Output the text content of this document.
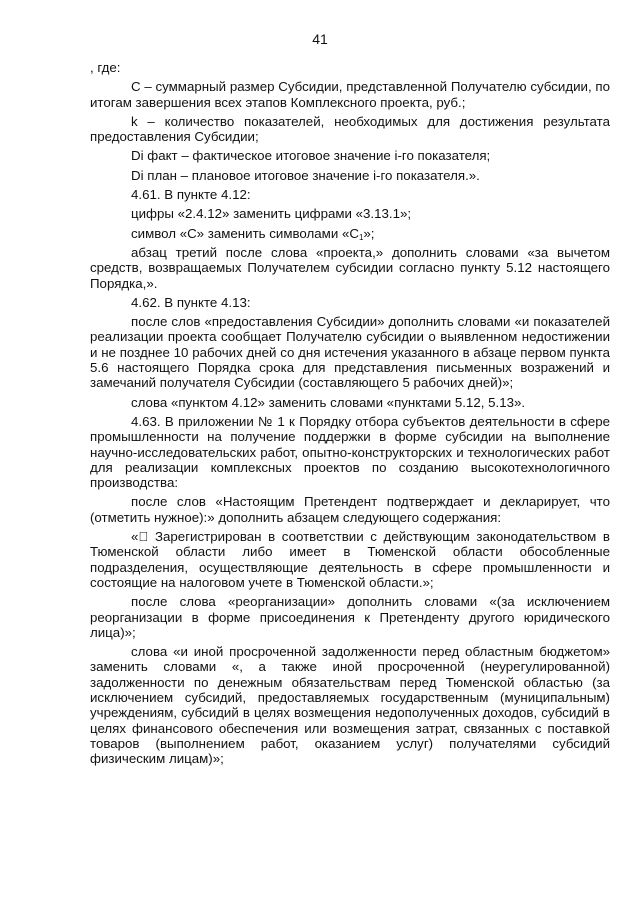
41

, где:

C – суммарный размер Субсидии, представленной Получателю субсидии, по итогам завершения всех этапов Комплексного проекта, руб.;

k – количество показателей, необходимых для достижения результата предоставления Субсидии;

Di факт – фактическое итоговое значение i-го показателя;

Di план – плановое итоговое значение i-го показателя.».

4.61. В пункте 4.12:

цифры «2.4.12» заменить цифрами «3.13.1»;

символ «C» заменить символами «$C_1$»;

абзац третий после слова «проекта,» дополнить словами «за вычетом средств, возвращаемых Получателем субсидии согласно пункту 5.12 настоящего Порядка,».

4.62. В пункте 4.13:

после слов «предоставления Субсидии» дополнить словами «и показателей реализации проекта сообщает Получателю субсидии о выявленном недостижении и не позднее 10 рабочих дней со дня истечения указанного в абзаце первом пункта 5.6 настоящего Порядка срока для представления письменных возражений и замечаний получателя Субсидии (составляющего 5 рабочих дней)»;

слова «пунктом 4.12» заменить словами «пунктами 5.12, 5.13».

4.63. В приложении № 1 к Порядку отбора субъектов деятельности в сфере промышленности на получение поддержки в форме субсидии на выполнение научно-исследовательских работ, опытно-конструкторских и технологических работ для реализации комплексных проектов по созданию высокотехнологичного производства:

после слов «Настоящим Претендент подтверждает и декларирует, что (отметить нужное):» дополнить абзацем следующего содержания:

« Зарегистрирован в соответствии с действующим законодательством в Тюменской области либо имеет в Тюменской области обособленные подразделения, осуществляющие деятельность в сфере промышленности и состоящие на налоговом учете в Тюменской области.»;

после слова «реорганизации» дополнить словами «(за исключением реорганизации в форме присоединения к Претенденту другого юридического лица)»;

слова «и иной просроченной задолженности перед областным бюджетом» заменить словами «, а также иной просроченной (неурегулированной) задолженности по денежным обязательствам перед Тюменской областью (за исключением субсидий, предоставляемых государственным (муниципальным) учреждениям, субсидий в целях возмещения недополученных доходов, субсидий в целях финансового обеспечения или возмещения затрат, связанных с поставкой товаров (выполнением работ, оказанием услуг) получателями субсидий физическим лицам)»;
